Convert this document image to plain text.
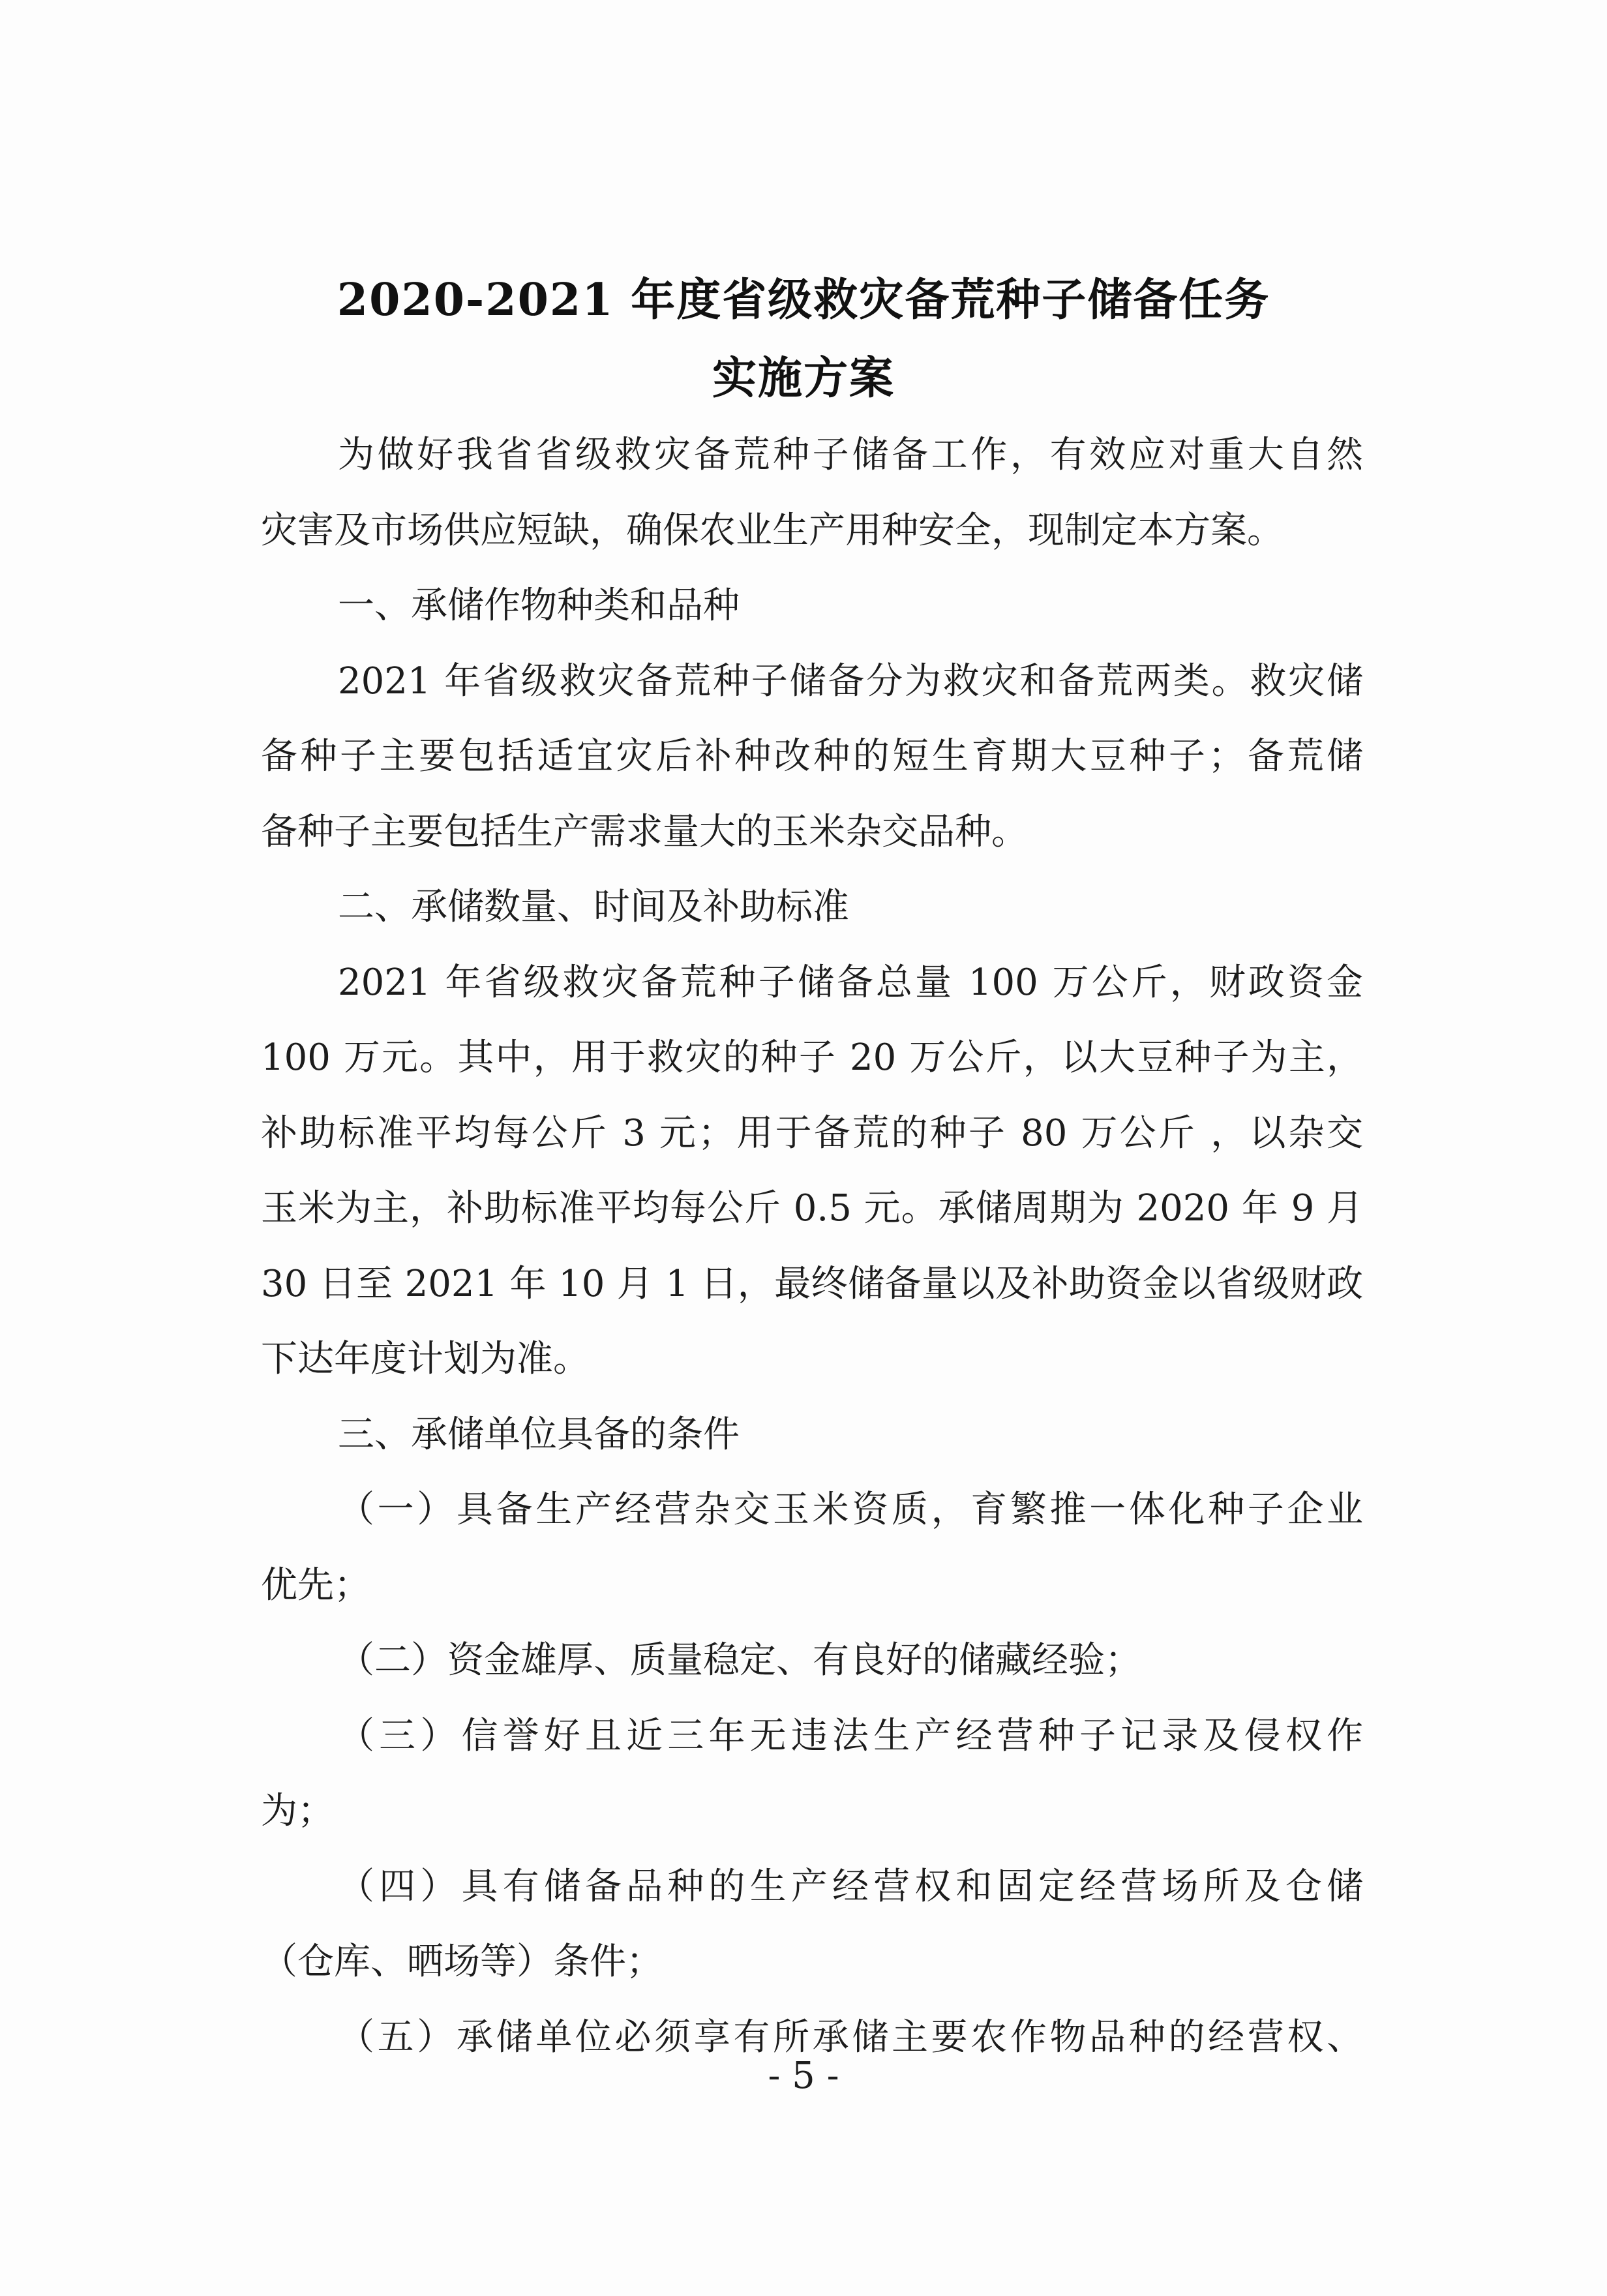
2020-2021 年度省级救灾备荒种子储备任务
实施方案
为做好我省省级救灾备荒种子储备工作，有效应对重大自然
灾害及市场供应短缺，确保农业生产用种安全，现制定本方案。
一、承储作物种类和品种
2021 年省级救灾备荒种子储备分为救灾和备荒两类。救灾储
备种子主要包括适宜灾后补种改种的短生育期大豆种子；备荒储
备种子主要包括生产需求量大的玉米杂交品种。
二、承储数量、时间及补助标准
2021 年省级救灾备荒种子储备总量 100 万公斤，财政资金
100 万元。其中，用于救灾的种子 20 万公斤，以大豆种子为主，
补助标准平均每公斤 3 元；用于备荒的种子 80 万公斤 ，以杂交
玉米为主，补助标准平均每公斤 0.5 元。承储周期为 2020 年 9 月
30 日至 2021 年 10 月 1 日，最终储备量以及补助资金以省级财政
下达年度计划为准。
三、承储单位具备的条件
（一）具备生产经营杂交玉米资质，育繁推一体化种子企业
优先；
（二）资金雄厚、质量稳定、有良好的储藏经验；
（三）信誉好且近三年无违法生产经营种子记录及侵权作
为；
（四）具有储备品种的生产经营权和固定经营场所及仓储
（仓库、晒场等）条件；
（五）承储单位必须享有所承储主要农作物品种的经营权、
- 5 -
